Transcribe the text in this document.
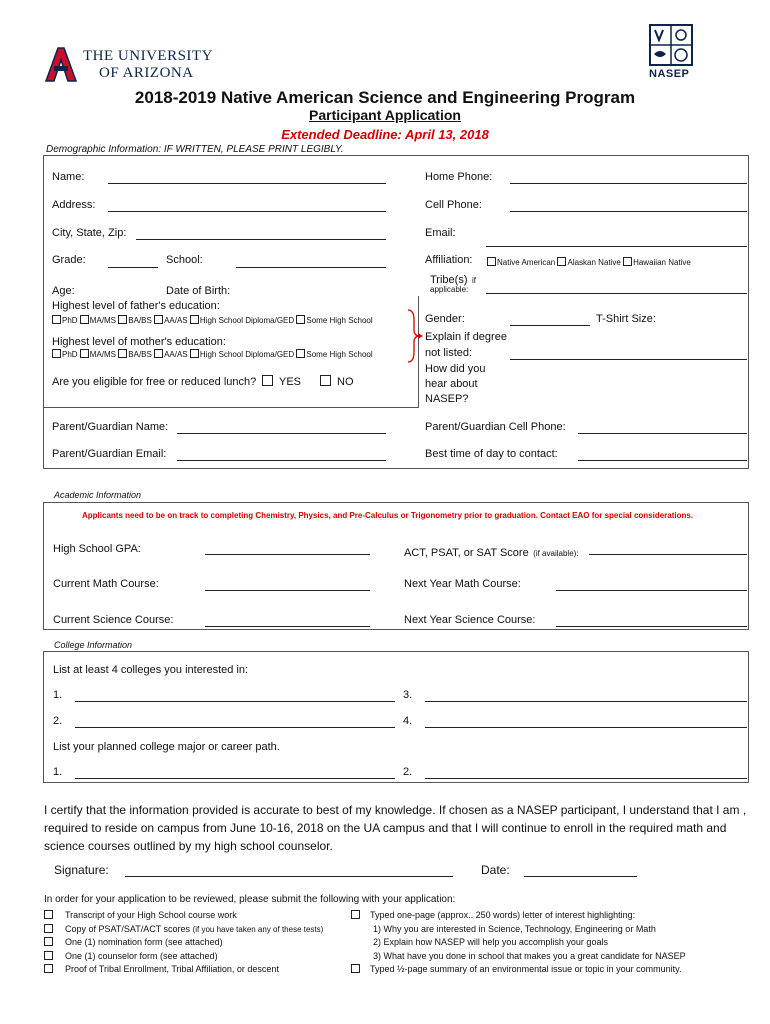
THE UNIVERSITY
OF ARIZONA	NASEP
2018-2019 Native American Science and Engineering Program
Participant Application
Extended Deadline: April 13, 2018
Demographic Information: IF WRITTEN, PLEASE PRINT LEGIBLY.
Name:	Home Phone:
Address:	Cell Phone:
City, State, Zip:	Email:
Grade:	School:	Affiliation:	Native American Alaskan Native Hawaiian Native
Tribe(s) if
applicable:
Age:	Date of Birth:
Highest level of father's education:
PhD MA/MS BA/BS AA/AS High School Diploma/GED Some High School
Highest level of mother's education:
PhD MA/MS BA/BS AA/AS High School Diploma/GED Some High School
Gender:	T-Shirt Size:
Explain if degree
not listed:
Are you eligible for free or reduced lunch? YES	NO
How did you
hear about
NASEP?
Parent/Guardian Name:	Parent/Guardian Cell Phone:
Parent/Guardian Email:	Best time of day to contact:
Academic Information
Applicants need to be on track to completing Chemistry, Physics, and Pre-Calculus or Trigonometry prior to graduation. Contact EAO for special considerations.
High School GPA:	ACT, PSAT, or SAT Score (if available):
Current Math Course:	Next Year Math Course:
Current Science Course:	Next Year Science Course:
College Information
List at least 4 colleges you interested in:
1.	3.
2.	4.
List your planned college major or career path.
1.	2.
I certify that the information provided is accurate to best of my knowledge. If chosen as a NASEP participant, I understand that I am ,
required to reside on campus from June 10-16, 2018 on the UA campus and that I will continue to enroll in the required math and
science courses outlined by my high school counselor.
Signature:	Date:
In order for your application to be reviewed, please submit the following with your application:
Transcript of your High School course work
Copy of PSAT/SAT/ACT scores (if you have taken any of these tests)
One (1) nomination form (see attached)
One (1) counselor form (see attached)
Proof of Tribal Enrollment, Tribal Affiliation, or descent
Typed one-page (approx.. 250 words) letter of interest highlighting:
1) Why you are interested in Science, Technology, Engineering or Math
2) Explain how NASEP will help you accomplish your goals
3) What have you done in school that makes you a great candidate for NASEP
Typed ½-page summary of an environmental issue or topic in your community.
